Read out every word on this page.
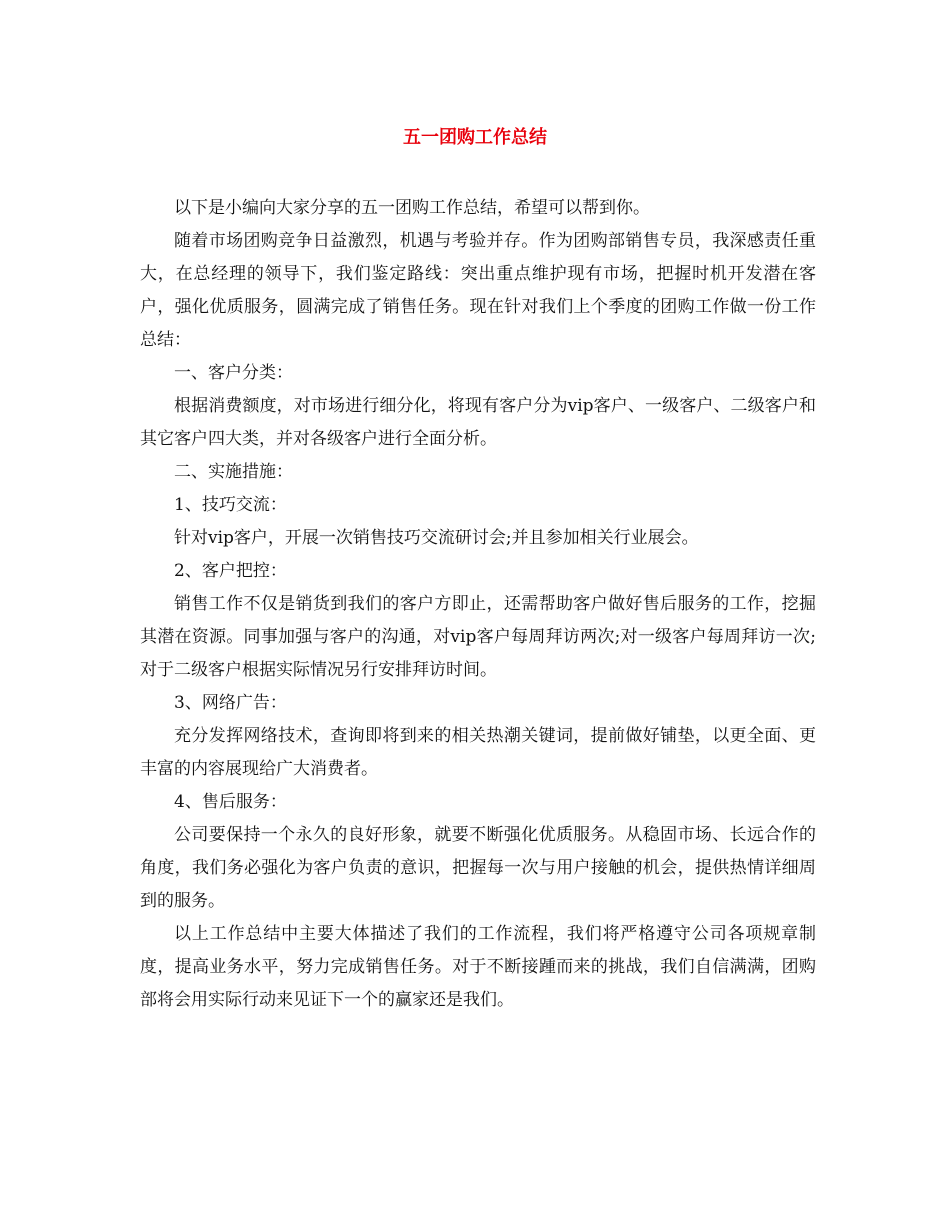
五一团购工作总结

以下是小编向大家分享的五一团购工作总结，希望可以帮到你。

随着市场团购竞争日益激烈，机遇与考验并存。作为团购部销售专员，我深感责任重大，在总经理的领导下，我们鉴定路线：突出重点维护现有市场，把握时机开发潜在客户，强化优质服务，圆满完成了销售任务。现在针对我们上个季度的团购工作做一份工作总结：

一、客户分类：

根据消费额度，对市场进行细分化，将现有客户分为vip客户、一级客户、二级客户和其它客户四大类，并对各级客户进行全面分析。

二、实施措施：

1、技巧交流：

针对vip客户，开展一次销售技巧交流研讨会;并且参加相关行业展会。

2、客户把控：

销售工作不仅是销货到我们的客户方即止，还需帮助客户做好售后服务的工作，挖掘其潜在资源。同事加强与客户的沟通，对vip客户每周拜访两次;对一级客户每周拜访一次;对于二级客户根据实际情况另行安排拜访时间。

3、网络广告：

充分发挥网络技术，查询即将到来的相关热潮关键词，提前做好铺垫，以更全面、更丰富的内容展现给广大消费者。

4、售后服务：

公司要保持一个永久的良好形象，就要不断强化优质服务。从稳固市场、长远合作的角度，我们务必强化为客户负责的意识，把握每一次与用户接触的机会，提供热情详细周到的服务。

以上工作总结中主要大体描述了我们的工作流程，我们将严格遵守公司各项规章制度，提高业务水平，努力完成销售任务。对于不断接踵而来的挑战，我们自信满满，团购部将会用实际行动来见证下一个的赢家还是我们。
